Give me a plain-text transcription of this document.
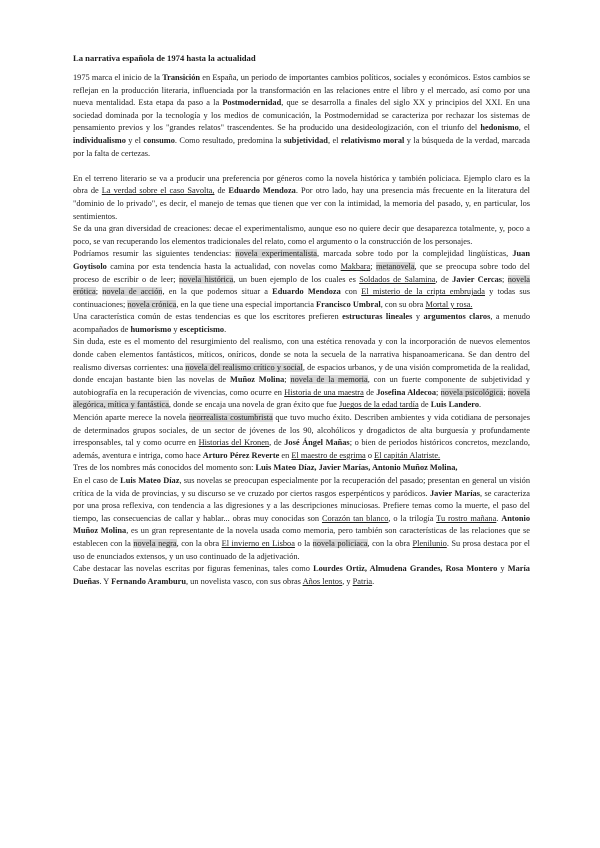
La narrativa española de 1974 hasta la actualidad

1975 marca el inicio de la Transición en España, un periodo de importantes cambios políticos, sociales y económicos. Estos cambios se reflejan en la producción literaria, influenciada por la transformación en las relaciones entre el libro y el mercado, así como por una nueva mentalidad. Esta etapa da paso a la Postmodernidad, que se desarrolla a finales del siglo XX y principios del XXI. En una sociedad dominada por la tecnología y los medios de comunicación, la Postmodernidad se caracteriza por rechazar los sistemas de pensamiento previos y los "grandes relatos" trascendentes. Se ha producido una desideologización, con el triunfo del hedonismo, el individualismo y el consumo. Como resultado, predomina la subjetividad, el relativismo moral y la búsqueda de la verdad, marcada por la falta de certezas.

En el terreno literario se va a producir una preferencia por géneros como la novela histórica y también policiaca. Ejemplo claro es la obra de La verdad sobre el caso Savolta, de Eduardo Mendoza. Por otro lado, hay una presencia más frecuente en la literatura del "dominio de lo privado", es decir, el manejo de temas que tienen que ver con la intimidad, la memoria del pasado, y, en particular, los sentimientos.

Se da una gran diversidad de creaciones: decae el experimentalismo, aunque eso no quiere decir que desaparezca totalmente, y, poco a poco, se van recuperando los elementos tradicionales del relato, como el argumento o la construcción de los personajes.

Podríamos resumir las siguientes tendencias: novela experimentalista, marcada sobre todo por la complejidad lingüísticas, Juan Goytisolo camina por esta tendencia hasta la actualidad, con novelas como Makbara; metanovela, que se preocupa sobre todo del proceso de escribir o de leer; novela histórica, un buen ejemplo de los cuales es Soldados de Salamina, de Javier Cercas; novela erótica; novela de acción, en la que podemos situar a Eduardo Mendoza con El misterio de la cripta embrujada y todas sus continuaciones; novela crónica, en la que tiene una especial importancia Francisco Umbral, con su obra Mortal y rosa.

Una característica común de estas tendencias es que los escritores prefieren estructuras lineales y argumentos claros, a menudo acompañados de humorismo y escepticismo.

Sin duda, este es el momento del resurgimiento del realismo, con una estética renovada y con la incorporación de nuevos elementos donde caben elementos fantásticos, míticos, oníricos, donde se nota la secuela de la narrativa hispanoamericana. Se dan dentro del realismo diversas corrientes: una novela del realismo crítico y social, de espacios urbanos, y de una visión comprometida de la realidad, donde encajan bastante bien las novelas de Muñoz Molina; novela de la memoria, con un fuerte componente de subjetividad y autobiografía en la recuperación de vivencias, como ocurre en Historia de una maestra de Josefina Aldecoa; novela psicológica; novela alegórica, mítica y fantástica, donde se encaja una novela de gran éxito que fue Juegos de la edad tardía de Luis Landero.

Mención aparte merece la novela neorrealista costumbrista que tuvo mucho éxito. Describen ambientes y vida cotidiana de personajes de determinados grupos sociales, de un sector de jóvenes de los 90, alcohólicos y drogadictos de alta burguesía y profundamente irresponsables, tal y como ocurre en Historias del Kronen, de José Ángel Mañas; o bien de periodos históricos concretos, mezclando, además, aventura e intriga, como hace Arturo Pérez Reverte en El maestro de esgrima o El capitán Alatriste.

Tres de los nombres más conocidos del momento son: Luis Mateo Díaz, Javier Marías, Antonio Muñoz Molina,

En el caso de Luis Mateo Díaz, sus novelas se preocupan especialmente por la recuperación del pasado; presentan en general un visión crítica de la vida de provincias, y su discurso se ve cruzado por ciertos rasgos esperpénticos y paródicos. Javier Marías, se caracteriza por una prosa reflexiva, con tendencia a las digresiones y a las descripciones minuciosas. Prefiere temas como la muerte, el paso del tiempo, las consecuencias de callar y hablar... obras muy conocidas son Corazón tan blanco, o la trilogía Tu rostro mañana. Antonio Muñoz Molina, es un gran representante de la novela usada como memoria, pero también son características de las relaciones que se establecen con la novela negra, con la obra El invierno en Lisboa o la novela policiaca, con la obra Plenilunio. Su prosa destaca por el uso de enunciados extensos, y un uso continuado de la adjetivación.

Cabe destacar las novelas escritas por figuras femeninas, tales como Lourdes Ortiz, Almudena Grandes, Rosa Montero y María Dueñas. Y Fernando Aramburu, un novelista vasco, con sus obras Años lentos, y Patria.
